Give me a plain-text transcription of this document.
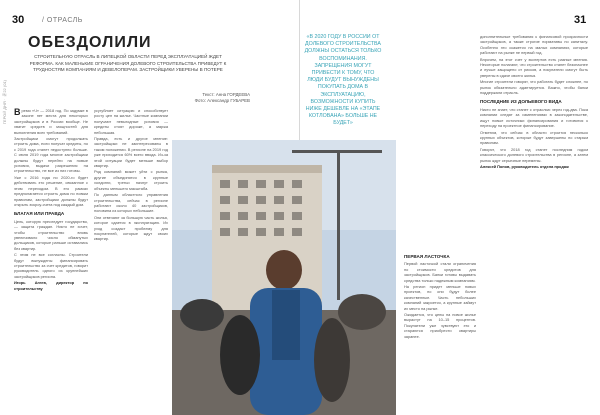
30	/ ОТРАСЛЬ
ГЕРОЙ ДНЯ · №22 (01)
31
ОБЕЗДОЛИЛИ
СТРОИТЕЛЬНУЮ ОТРАСЛЬ В ЛИПЕЦКОЙ ОБЛАСТИ ПЕРЕД ЭКСПЛУАТАЦИЕЙ ЖДЕТ РЕФОРМА. КАК МАЛЕНЬКИЕ ОГРАНИЧЕНИЯ ДОЛЕВОГО СТРОИТЕЛЬСТВА ПРИВЕДУТ К ТРУДНОСТЯМ КОМПАНИЯМ И ДЕВЕЛОПЕРАМ. ЗАСТРОЙЩИКИ УВЕРЕНЫ В ПОТЕРЕ
Текст: Анна ГОРДЕЕВА
Фото: Александр ГУБАРЕВ

Время «Ч» — 2018 год. По задумке в законе нет места для некоторых застройщиков и в России вообще. Не хватит средств и мощностей для выполнения всех требований.

Застройщики смогут продолжать строить дома, если получат кредиты, но с 2019 года станет недоступно больше. С июля 2019 года многие застройщики должны будут перейти на новые условия, выдачи разрешения на строительство, не все из них готовы.

Уже с 2016 года по 2020-го будет действовать это решение, связанное с этим переходом. В его рамках предполагается строить дома по новым правилам, застройщики должны будут открыть эскроу-счета под каждый дом.

БЛАГАЯ ИЛИ ПРАВДА

Цель, которую преследует государство, — защита граждан. Никто не хочет, чтобы строительство вновь увеличивало число обманутых дольщиков, которые раньше оставались без квартир.

С этим не все согласны. Строители будут вынуждены финансировать строительство за счет кредитов, говорит руководитель одного из крупнейших застройщиков региона.

Игорь Агеев, директор по строительству

усугубляет ситуацию и способствует росту цен на жилье. Частные компании получают невыгодные условия — кредиты стоят дороже, а маржа небольшая.

Правда, есть и другое мнение: застройщики не заинтересованы в таком положении. В регионе на 2019 год уже приходится 60% всего ввода. Из-за этой ситуации будет меньше выбор квартир.

Ряд компаний может уйти с рынка, другие объединятся в крупные холдинги, третьи начнут строить объекты меньшего масштаба.

По данным областного управления строительства, сейчас в регионе работают около 40 застройщиков, половина из которых небольшие.

Они отвечают за большую часть жилья, которое сдается в эксплуатацию. Их уход создаст проблему для покупателей, которые ждут своих квартир.

«В 2020 ГОДУ В РОССИИ ОТ ДОЛЕВОГО СТРОИТЕЛЬСТВА ДОЛЖНЫ ОСТАТЬСЯ ТОЛЬКО ВОСПОМИНАНИЯ. ЗАПРЕЩЕНИЯ МОГУТ ПРИВЕСТИ К ТОМУ, ЧТО ЛЮДИ БУДУТ ВЫНУЖДЕНЫ ПОКУПАТЬ ДОМА В ЭКСПЛУАТАЦИЮ, ВОЗМОЖНОСТИ КУПИТЬ НИЖЕ ДЕШЕВЛЕ НА «ЭТАПЕ КОТЛОВАНА» БОЛЬШЕ НЕ БУДЕТ»

дополнительные требования к финансовой прозрачности застройщиков, а также строгие нормативы по капиталу. Особенно это скажется на малых компаниях, которые работают на рынке не первый год.

Впрочем, на этот счет у экспертов есть разные мнения. Некоторые полагают, что строительство станет безопаснее и лучше защищено от рисков, а покупатели смогут быть уверены в сдаче своего жилья.

Многие строители говорят, что работать будет сложнее, но рынок обязательно адаптируется. Важно, чтобы банки поддержали отрасль.

ПОСЛЕДНИЕ ИЗ ДОЛЬЕВОГО ВИДА

Никто не знает, что станет с отраслью через год-два. Пока компании следят за изменениями в законодательстве, ищут новые источники финансирования и готовятся к переходу на проектное финансирование.

Отметим, что сейчас в области строится несколько крупных объектов, которые будут завершены по старым правилам.

Говорят, что 2018 год станет последним годом классического долевого строительства в регионе, а затем рынок ждут серьезные перемены.

Алексей Попов, руководитель отдела продаж

ПЕРВАЯ ЛАСТОЧКА

Первой ласточкой стали ограничения по стоимости кредитов для застройщиков. Банки готовы выдавать средства только надежным компаниям.

На регион придет меньше новых проектов, но они будут более качественные. Часть небольших компаний закроется, а крупные займут их место на рынке.

Ожидается, что цены на новое жилье вырастут на 10–15 процентов. Покупатели уже чувствуют это и стараются приобрести квартиры заранее.
